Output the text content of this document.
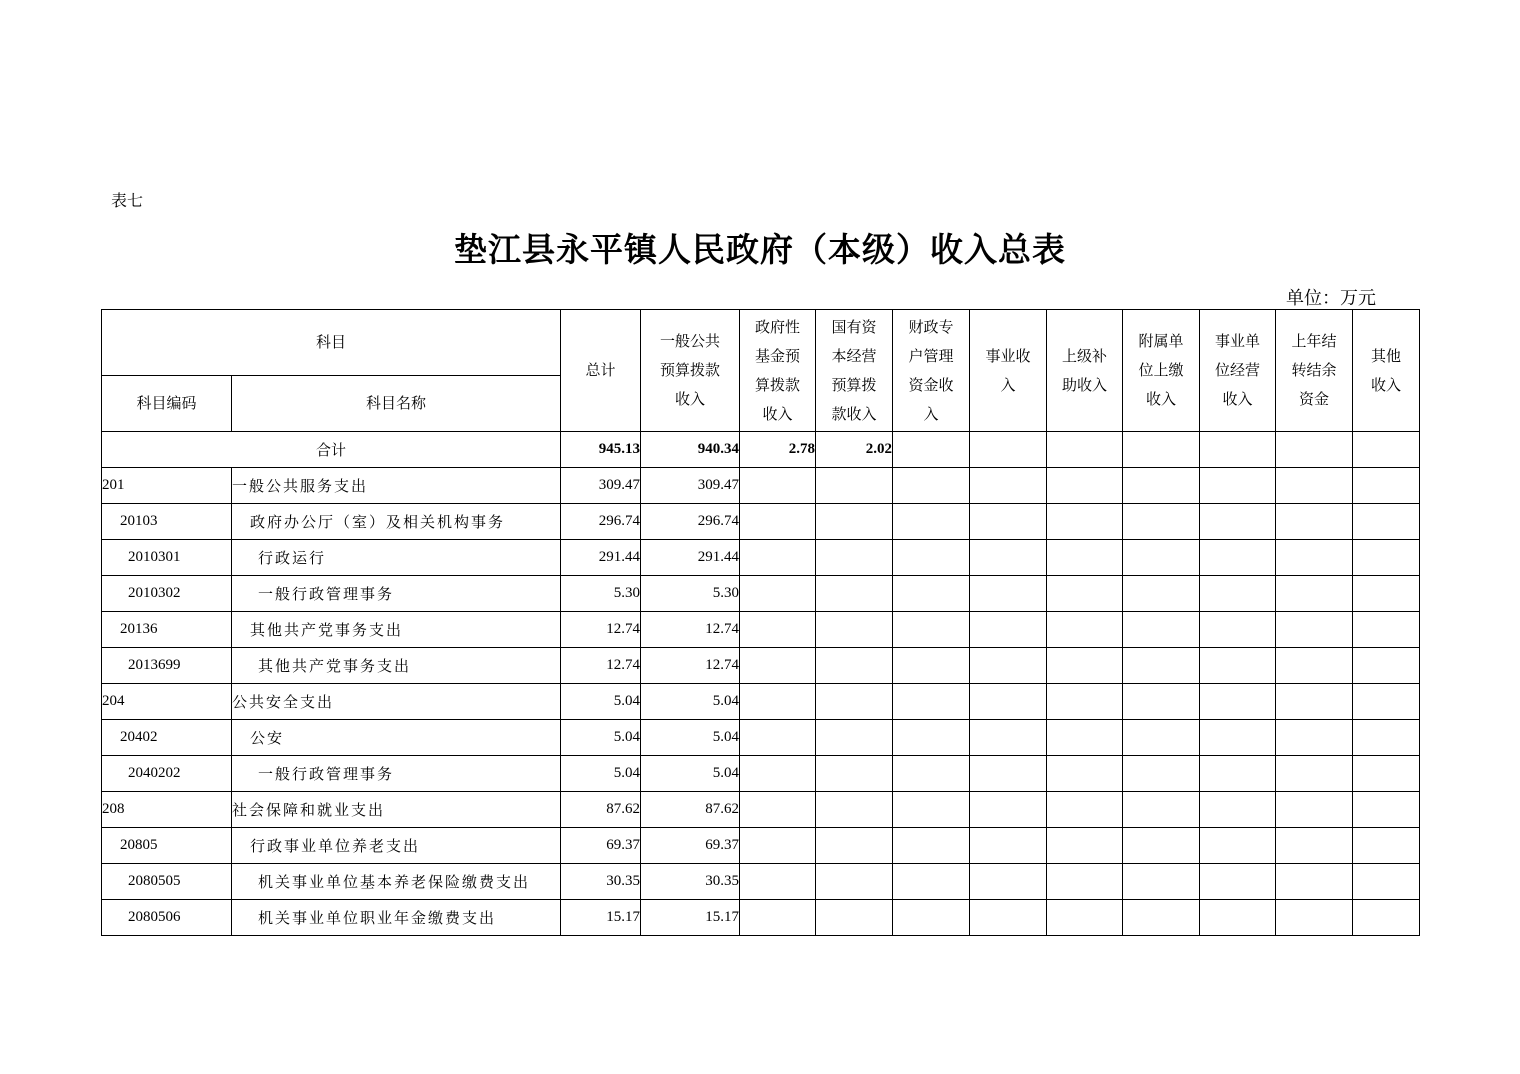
表七
垫江县永平镇人民政府（本级）收入总表
单位：万元
科目		总计	一般公共预算拨款收入	政府性基金预算拨款收入	国有资本经营预算拨款收入	财政专户管理资金收入	事业收入	上级补助收入	附属单位上缴收入	事业单位经营收入	上年结转结余资金	其他收入
科目编码	科目名称											
合计		945.13	940.34	2.78	2.02							
201	一般公共服务支出	309.47	309.47									
20103	政府办公厅（室）及相关机构事务	296.74	296.74									
2010301	行政运行	291.44	291.44									
2010302	一般行政管理事务	5.30	5.30									
20136	其他共产党事务支出	12.74	12.74									
2013699	其他共产党事务支出	12.74	12.74									
204	公共安全支出	5.04	5.04									
20402	公安	5.04	5.04									
2040202	一般行政管理事务	5.04	5.04									
208	社会保障和就业支出	87.62	87.62									
20805	行政事业单位养老支出	69.37	69.37									
2080505	机关事业单位基本养老保险缴费支出	30.35	30.35									
2080506	机关事业单位职业年金缴费支出	15.17	15.17									
